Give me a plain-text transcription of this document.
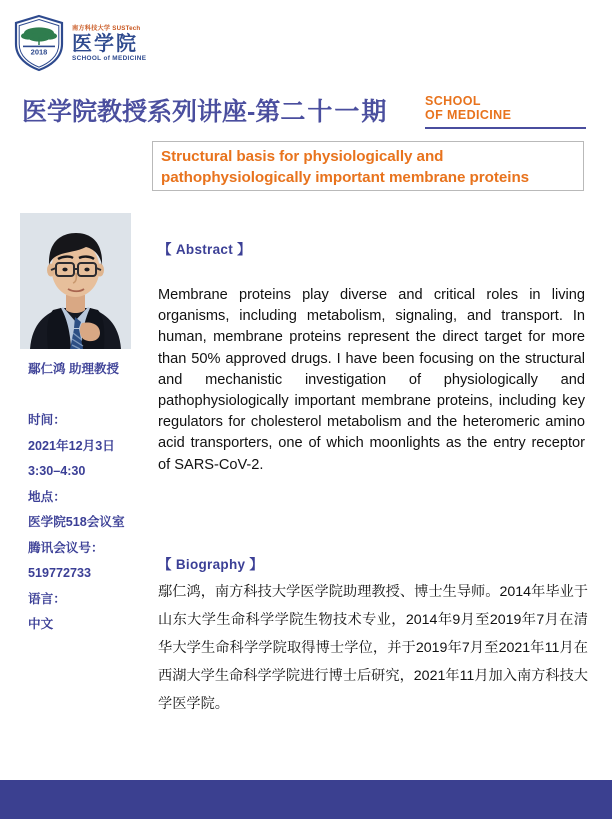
2018
南方科技大学 SUSTech
医学院
SCHOOL of MEDICINE
医学院教授系列讲座-第二十一期	SCHOOL
OF MEDICINE
Structural basis for physiologically and pathophysiologically important membrane proteins
鄢仁鸿 助理教授
时间：
2021年12月3日
3:30–4:30
地点：
医学院518会议室
腾讯会议号：
519772733
语言：
中文
【 Abstract 】
Membrane proteins play diverse and critical roles in living organisms, including metabolism, signaling, and transport. In human, membrane proteins represent the direct target for more than 50% approved drugs. I have been focusing on the structural and mechanistic investigation of physiologically and pathophysiologically important membrane proteins, including key regulators for cholesterol metabolism and the heteromeric amino acid transporters, one of which moonlights as the entry receptor of SARS-CoV-2.
【 Biography 】
鄢仁鸿，南方科技大学医学院助理教授、博士生导师。2014年毕业于山东大学生命科学学院生物技术专业，2014年9月至2019年7月在清华大学生命科学学院取得博士学位，并于2019年7月至2021年11月在西湖大学生命科学学院进行博士后研究，2021年11月加入南方科技大学医学院。
